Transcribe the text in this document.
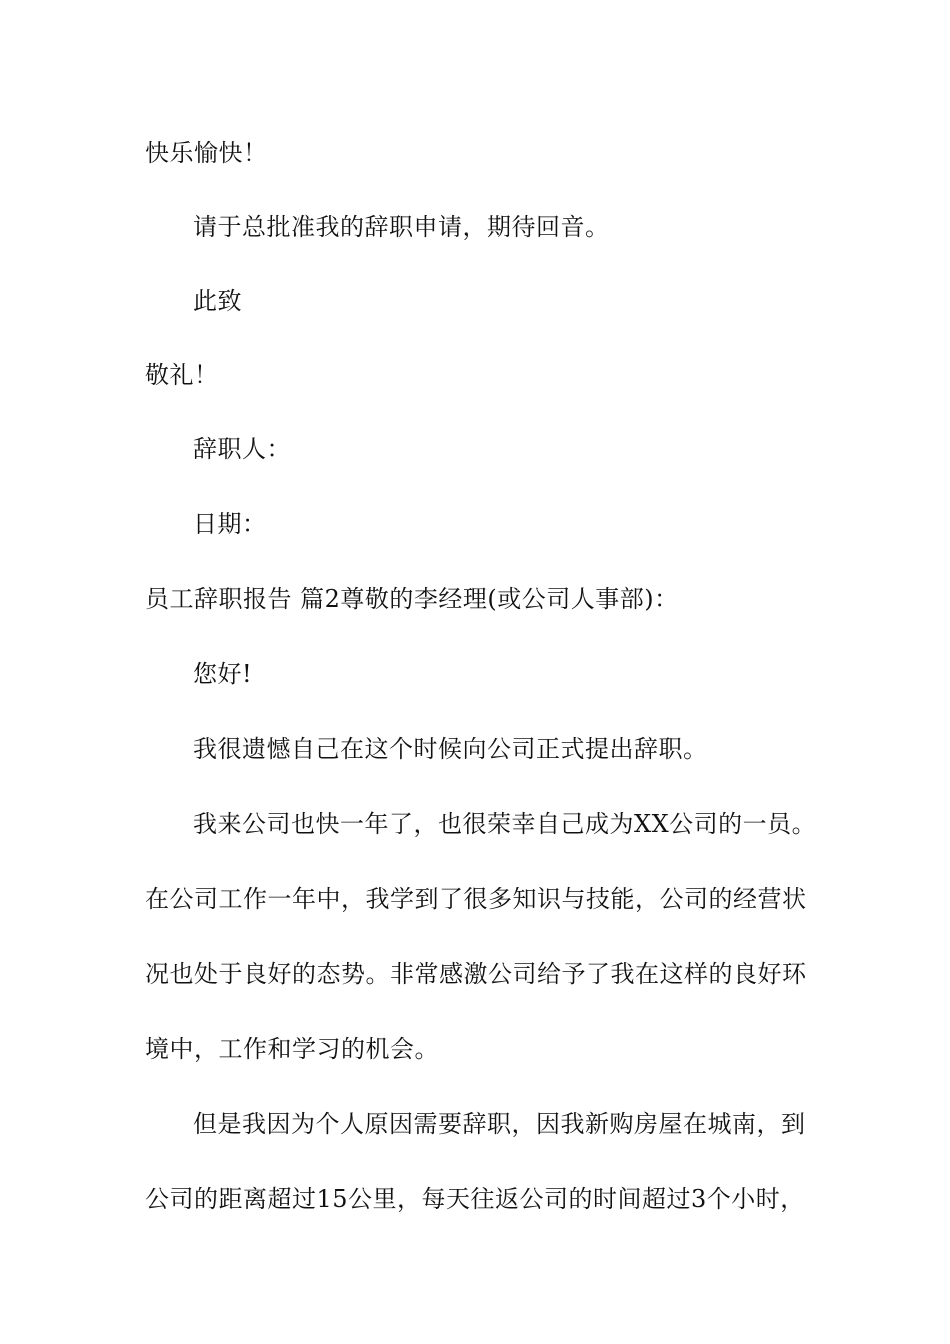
快乐愉快！
请于总批准我的辞职申请，期待回音。
此致
敬礼！
辞职人：
日期：
员工辞职报告 篇2尊敬的李经理(或公司人事部)：
您好!
我很遗憾自己在这个时候向公司正式提出辞职。
我来公司也快一年了，也很荣幸自己成为XX公司的一员。
在公司工作一年中，我学到了很多知识与技能，公司的经营状
况也处于良好的态势。非常感激公司给予了我在这样的良好环
境中，工作和学习的机会。
但是我因为个人原因需要辞职，因我新购房屋在城南，到
公司的距离超过15公里，每天往返公司的时间超过3个小时，
